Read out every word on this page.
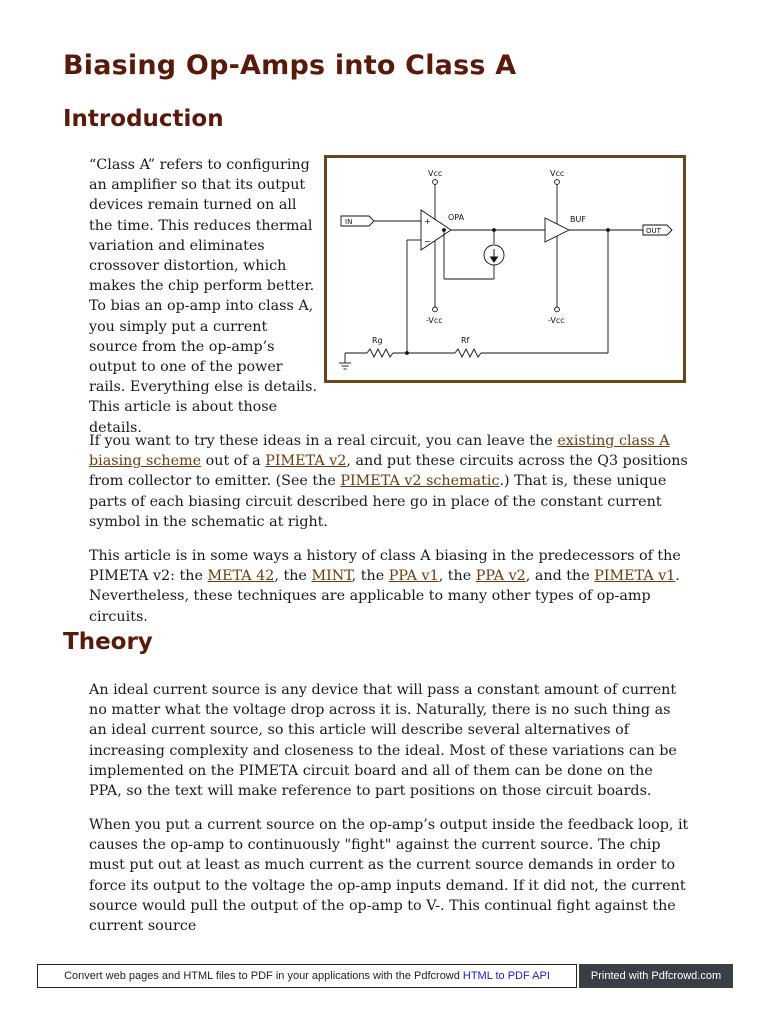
Biasing Op-Amps into Class A
Introduction

“Class A” refers to configuring an amplifier so that its output devices remain turned on all the time. This reduces thermal variation and eliminates crossover distortion, which makes the chip perform better. To bias an op-amp into class A, you simply put a current source from the op-amp’s output to one of the power rails. Everything else is details. This article is about those details.

Vcc	Vcc
-Vcc	-Vcc
IN
OUT
OPA	BUF
Rg	Rf
+
−

If you want to try these ideas in a real circuit, you can leave the existing class A biasing scheme out of a PIMETA v2, and put these circuits across the Q3 positions from collector to emitter. (See the PIMETA v2 schematic.) That is, these unique parts of each biasing circuit described here go in place of the constant current symbol in the schematic at right.

This article is in some ways a history of class A biasing in the predecessors of the PIMETA v2: the META 42, the MINT, the PPA v1, the PPA v2, and the PIMETA v1. Nevertheless, these techniques are applicable to many other types of op-amp circuits.

Theory

An ideal current source is any device that will pass a constant amount of current no matter what the voltage drop across it is. Naturally, there is no such thing as an ideal current source, so this article will describe several alternatives of increasing complexity and closeness to the ideal. Most of these variations can be implemented on the PIMETA circuit board and all of them can be done on the PPA, so the text will make reference to part positions on those circuit boards.

When you put a current source on the op-amp’s output inside the feedback loop, it causes the op-amp to continuously "fight" against the current source. The chip must put out at least as much current as the current source demands in order to force its output to the voltage the op-amp inputs demand. If it did not, the current source would pull the output of the op-amp to V-. This continual fight against the current source

Convert web pages and HTML files to PDF in your applications with the Pdfcrowd HTML to PDF API	Printed with Pdfcrowd.com
